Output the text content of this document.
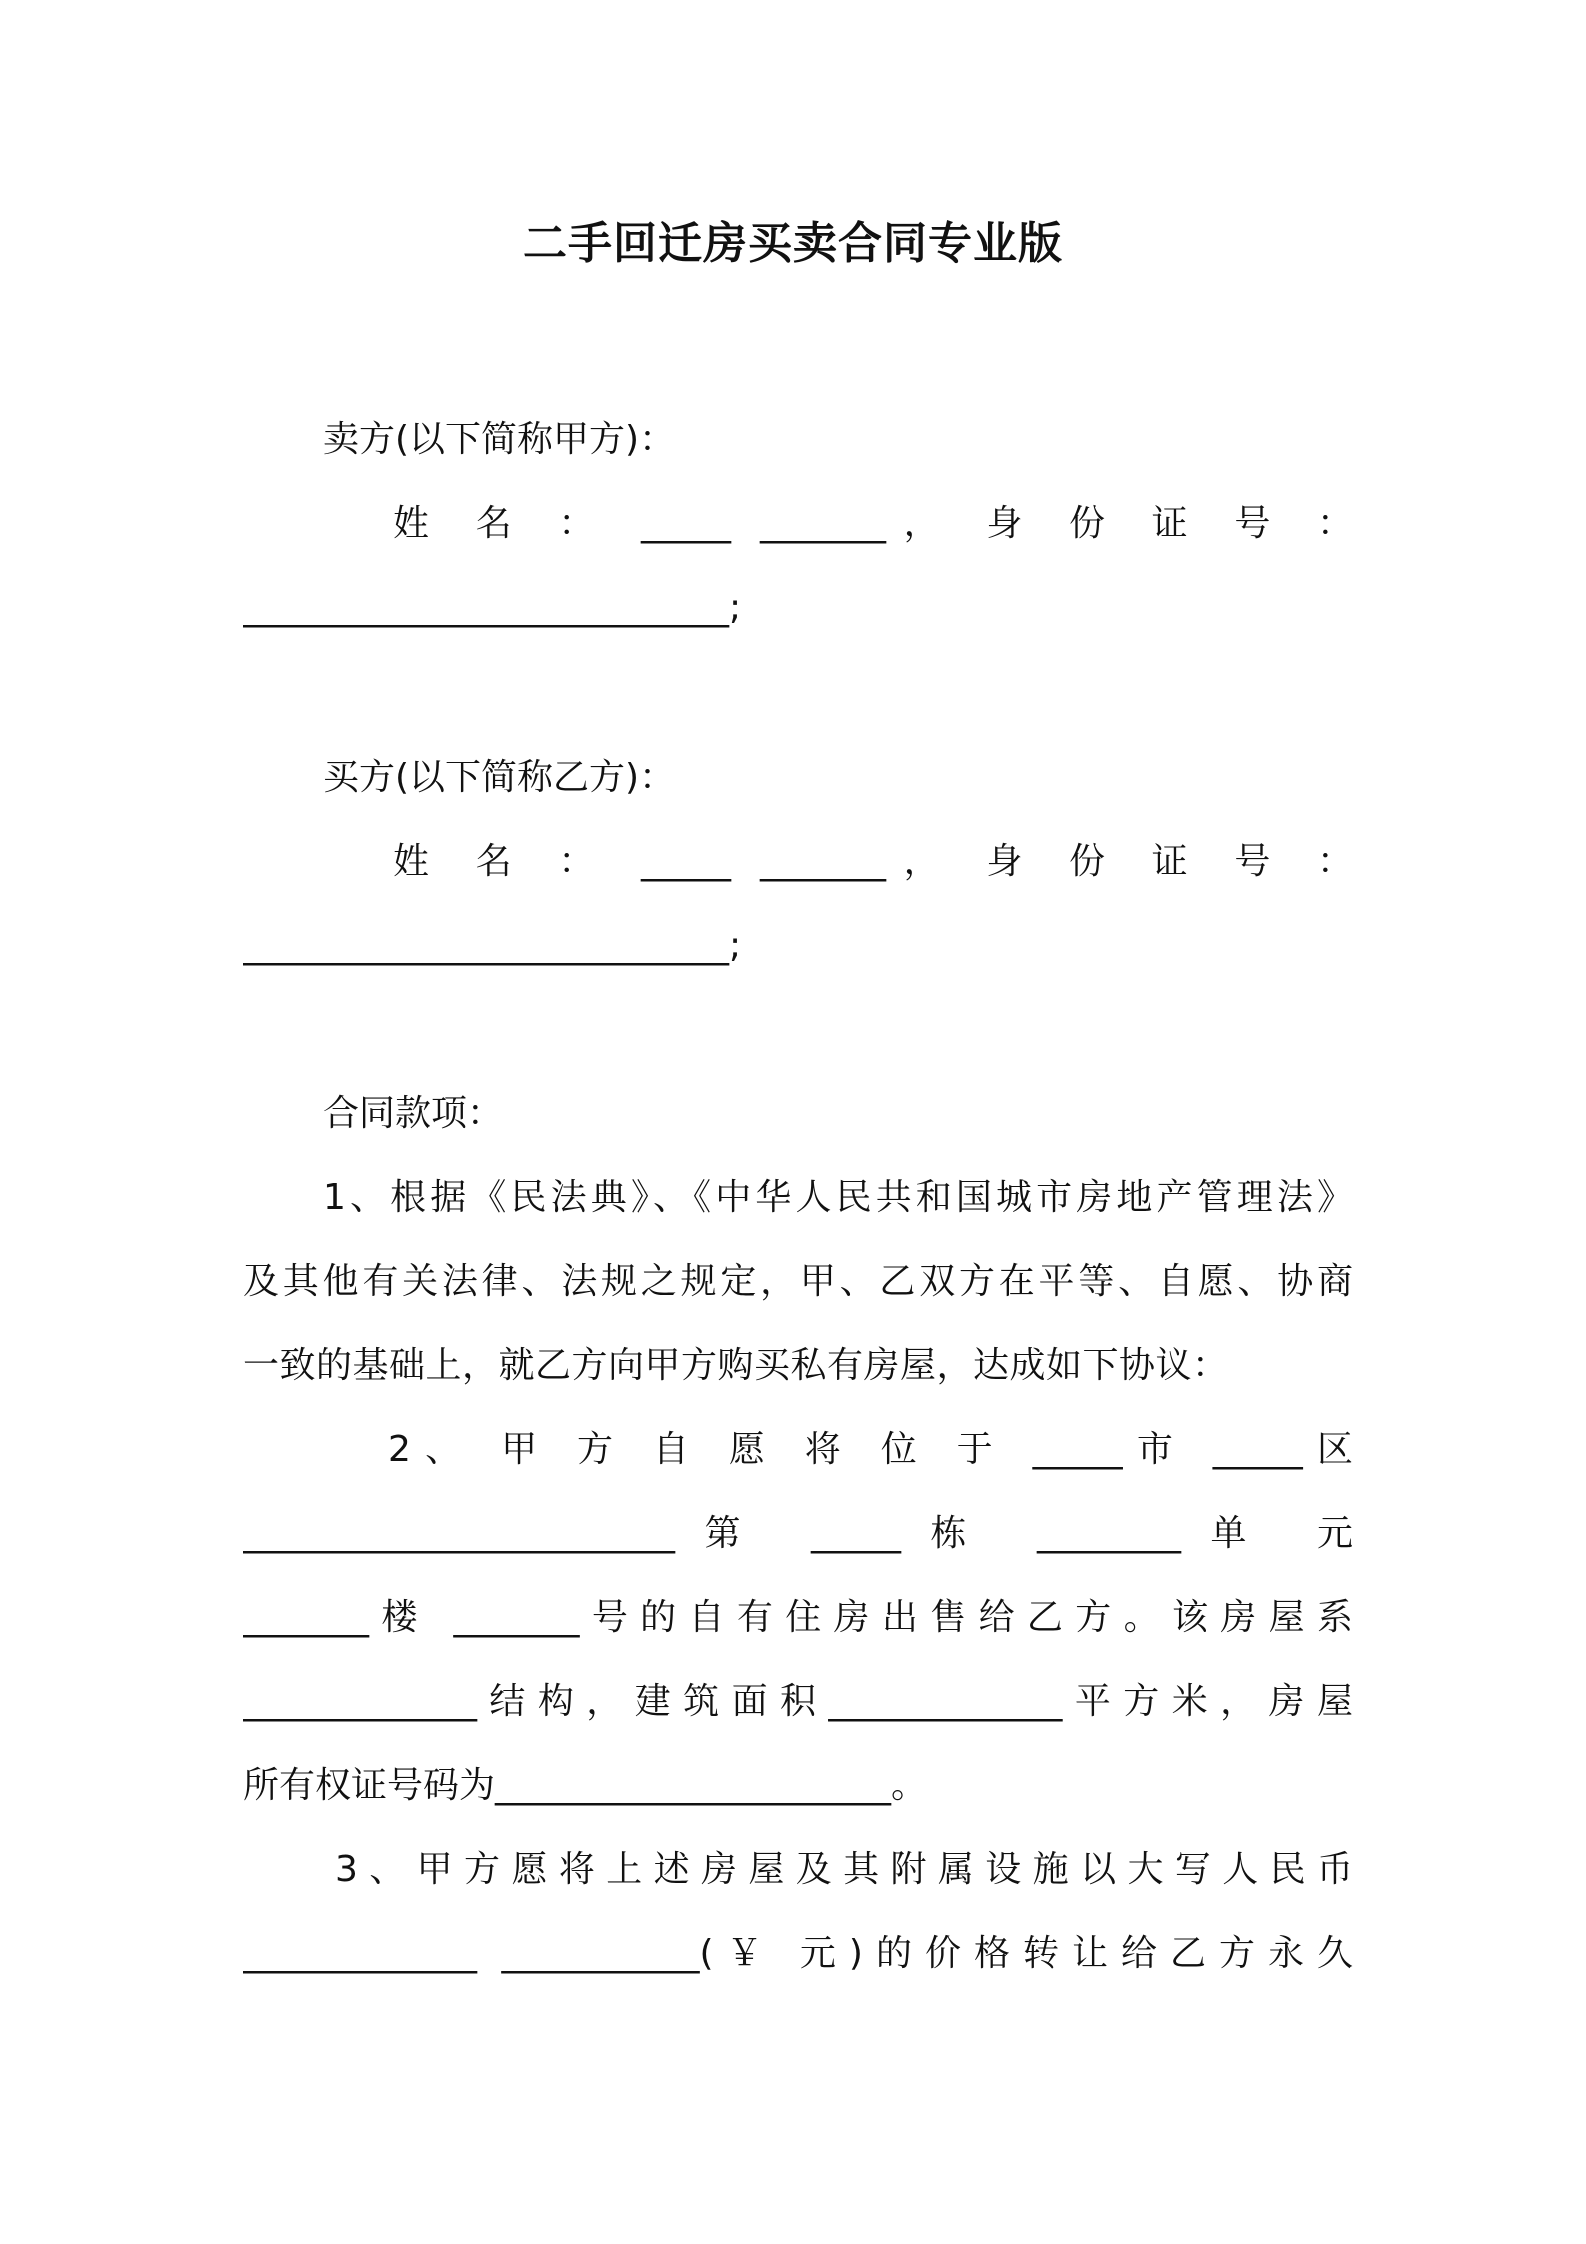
二手回迁房买卖合同专业版
卖方(以下简称甲方)：
姓 名 ： _____ _______， 身 份 证 号 ：
___________________________;
买方(以下简称乙方)：
姓 名 ： _____ _______， 身 份 证 号 ：
___________________________;
合同款项：
1、根据《民法典》、《中华人民共和国城市房地产管理法》
及其他有关法律、法规之规定，甲、乙双方在平等、自愿、协商
一致的基础上，就乙方向甲方购买私有房屋，达成如下协议：
2、 甲 方 自 愿 将 位 于 _____市 _____区
________________________第 _____栋 ________单 元
_______楼 _______号的自有住房出售给乙方。该房屋系
_____________结构，建筑面积_____________平方米，房屋
所有权证号码为______________________。
3、甲方愿将上述房屋及其附属设施以大写人民币
_____________ ___________(￥ 元)的价格转让给乙方永久
